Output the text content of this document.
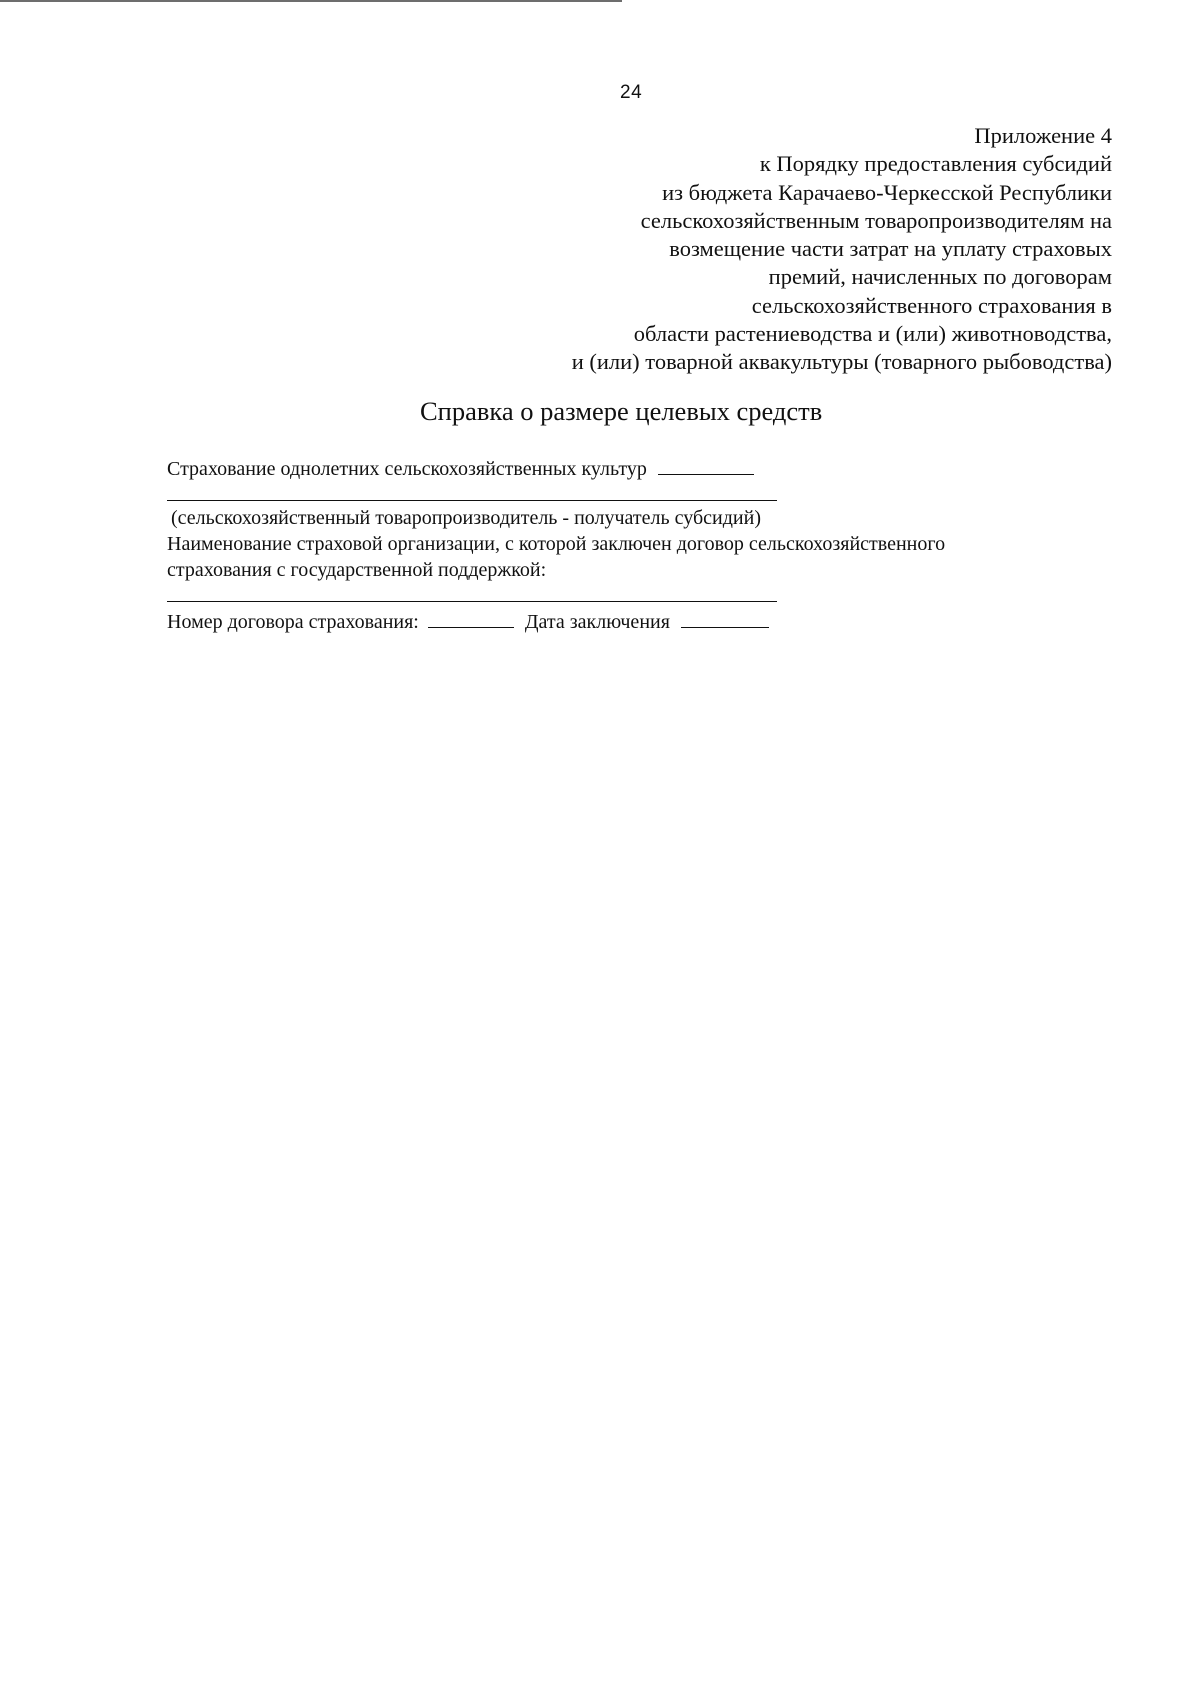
24
Приложение 4
к Порядку предоставления субсидий
из бюджета Карачаево-Черкесской Республики
сельскохозяйственным товаропроизводителям на
возмещение части затрат на уплату страховых
премий, начисленных по договорам
сельскохозяйственного страхования в
области растениеводства и (или) животноводства,
и (или) товарной аквакультуры (товарного рыбоводства)
Справка о размере целевых средств
Страхование однолетних сельскохозяйственных культур
(сельскохозяйственный товаропроизводитель - получатель субсидий)
Наименование страховой организации, с которой заключен договор сельскохозяйственного
страхования с государственной поддержкой:
Номер договора страхования:	Дата заключения
